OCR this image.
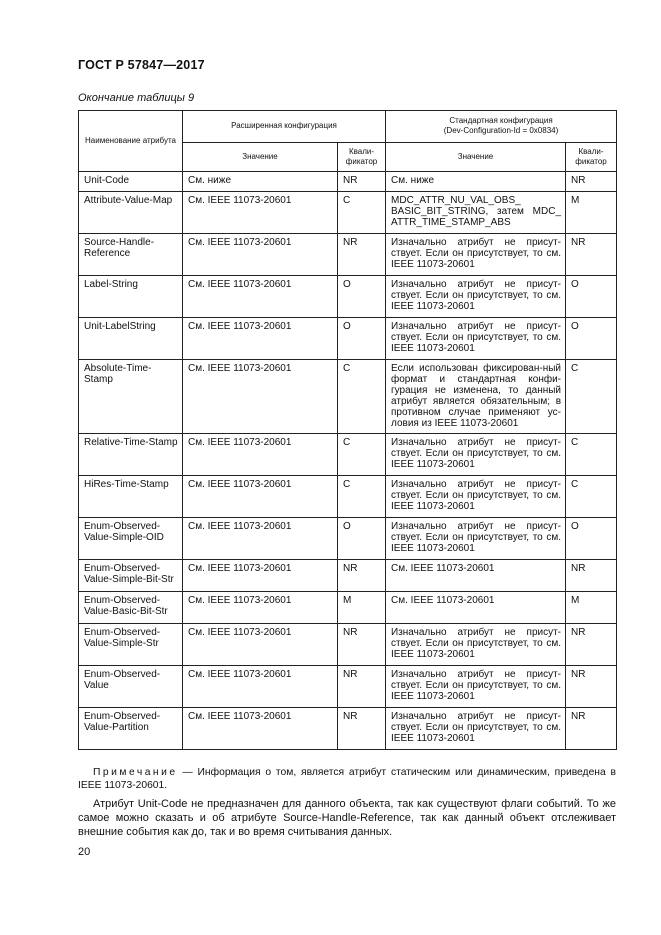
ГОСТ Р 57847—2017
Окончание таблицы 9
Наименование атрибута	Расширенная конфигурация		Стандартная конфигурация
(Dev-Configuration-Id = 0x0834)	

	Значение	Квали-фикатор	Значение	Квали-фикатор
Unit-Code	См. ниже	NR	См. ниже	NR
Attribute-Value-Map	См. IEEE 11073-20601	C	MDC_ATTR_NU_VAL_OBS_ BASIC_BIT_STRING, затем MDC_ ATTR_TIME_STAMP_ABS	M
Source-Handle-Reference	См. IEEE 11073-20601	NR	Изначально атрибут не присут-ствует. Если он присутствует, то см. IEEE 11073-20601	NR
Label-String	См. IEEE 11073-20601	O	Изначально атрибут не присут-ствует. Если он присутствует, то см. IEEE 11073-20601	O
Unit-LabelString	См. IEEE 11073-20601	O	Изначально атрибут не присут-ствует. Если он присутствует, то см. IEEE 11073-20601	O
Absolute-Time-Stamp	См. IEEE 11073-20601	C	Если использован фиксирован-ный формат и стандартная конфи-гурация не изменена, то данный атрибут является обязательным; в противном случае применяют ус-ловия из IEEE 11073-20601	C
Relative-Time-Stamp	См. IEEE 11073-20601	C	Изначально атрибут не присут-ствует. Если он присутствует, то см. IEEE 11073-20601	C
HiRes-Time-Stamp	См. IEEE 11073-20601	C	Изначально атрибут не присут-ствует. Если он присутствует, то см. IEEE 11073-20601	C
Enum-Observed-Value-Simple-OID	См. IEEE 11073-20601	O	Изначально атрибут не присут-ствует. Если он присутствует, то см. IEEE 11073-20601	O
Enum-Observed-Value-Simple-Bit-Str	См. IEEE 11073-20601	NR	См. IEEE 11073-20601	NR
Enum-Observed-Value-Basic-Bit-Str	См. IEEE 11073-20601	M	См. IEEE 11073-20601	M
Enum-Observed-Value-Simple-Str	См. IEEE 11073-20601	NR	Изначально атрибут не присут-ствует. Если он присутствует, то см. IEEE 11073-20601	NR
Enum-Observed-Value	См. IEEE 11073-20601	NR	Изначально атрибут не присут-ствует. Если он присутствует, то см. IEEE 11073-20601	NR
Enum-Observed-Value-Partition	См. IEEE 11073-20601	NR	Изначально атрибут не присут-ствует. Если он присутствует, то см. IEEE 11073-20601	NR
Примечание — Информация о том, является атрибут статическим или динамическим, приведена в IEEE 11073-20601.
Атрибут Unit-Code не предназначен для данного объекта, так как существуют флаги событий. То же самое можно сказать и об атрибуте Source-Handle-Reference, так как данный объект отслеживает внешние события как до, так и во время считывания данных.
20
